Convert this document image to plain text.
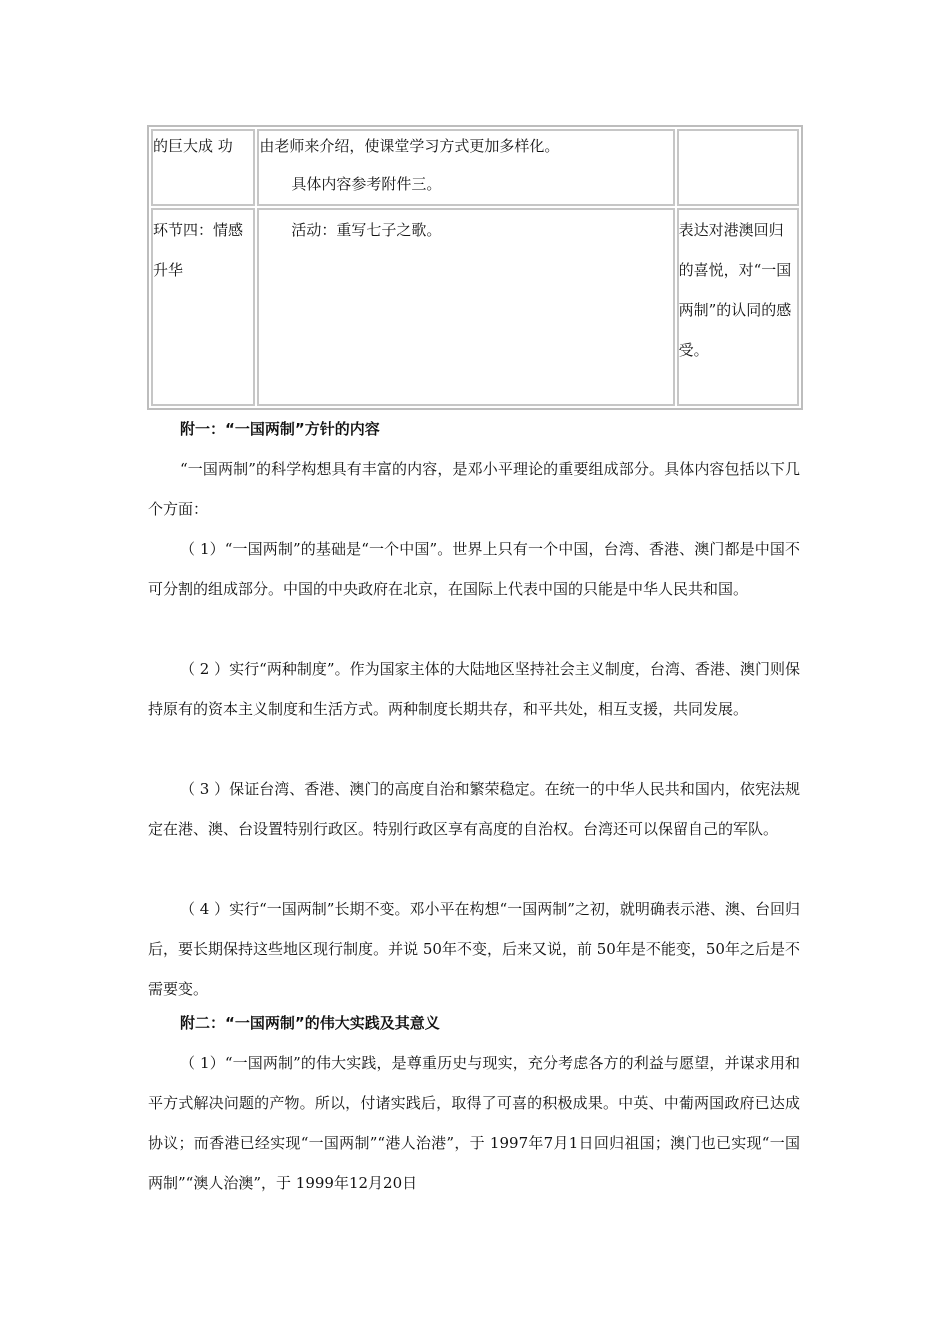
的巨大成 功	由老师来介绍，使课堂学习方式更加多样化。
具体内容参考附件三。	

环节四：情感升华	活动：重写七子之歌。	表达对港澳回归的喜悦，对“一国两制”的认同的感受。

附一：“一国两制”方针的内容

“一国两制”的科学构想具有丰富的内容，是邓小平理论的重要组成部分。具体内容包括以下几个方面：

（ 1）“一国两制”的基础是“一个中国”。世界上只有一个中国，台湾、香港、澳门都是中国不可分割的组成部分。中国的中央政府在北京，在国际上代表中国的只能是中华人民共和国。

（ 2 ）实行“两种制度”。作为国家主体的大陆地区坚持社会主义制度，台湾、香港、澳门则保持原有的资本主义制度和生活方式。两种制度长期共存，和平共处，相互支援，共同发展。

（ 3 ）保证台湾、香港、澳门的高度自治和繁荣稳定。在统一的中华人民共和国内，依宪法规定在港、澳、台设置特别行政区。特别行政区享有高度的自治权。台湾还可以保留自己的军队。

（ 4 ）实行“一国两制”长期不变。邓小平在构想“一国两制”之初，就明确表示港、澳、台回归后，要长期保持这些地区现行制度。并说 50年不变，后来又说，前 50年是不能变，50年之后是不需要变。

附二：“一国两制”的伟大实践及其意义

（ 1）“一国两制”的伟大实践，是尊重历史与现实，充分考虑各方的利益与愿望，并谋求用和平方式解决问题的产物。所以，付诸实践后，取得了可喜的积极成果。中英、中葡两国政府已达成协议；而香港已经实现“一国两制”“港人治港”，于 1997年7月1日回归祖国；澳门也已实现“一国两制”“澳人治澳”，于 1999年12月20日
